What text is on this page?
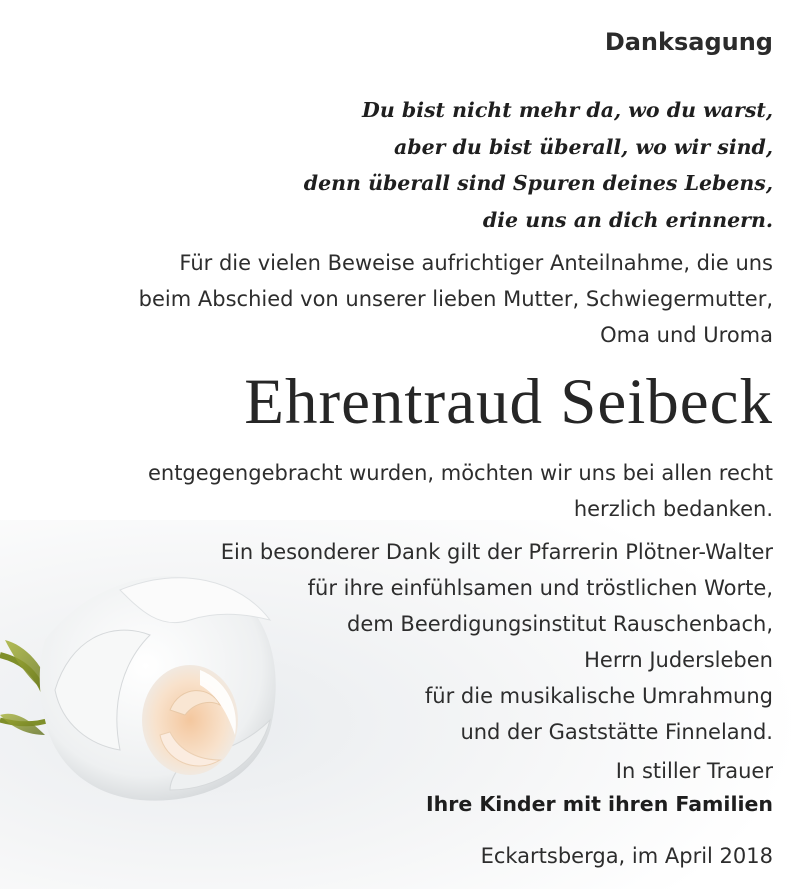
Danksagung
Du bist nicht mehr da, wo du warst,
aber du bist überall, wo wir sind,
denn überall sind Spuren deines Lebens,
die uns an dich erinnern.
Für die vielen Beweise aufrichtiger Anteilnahme, die uns
beim Abschied von unserer lieben Mutter, Schwiegermutter,
Oma und Uroma
Ehrentraud Seibeck
entgegengebracht wurden, möchten wir uns bei allen recht
herzlich bedanken.
Ein besonderer Dank gilt der Pfarrerin Plötner-Walter
für ihre einfühlsamen und tröstlichen Worte,
dem Beerdigungsinstitut Rauschenbach,
Herrn Judersleben
für die musikalische Umrahmung
und der Gaststätte Finneland.
In stiller Trauer
Ihre Kinder mit ihren Familien
Eckartsberga, im April 2018
